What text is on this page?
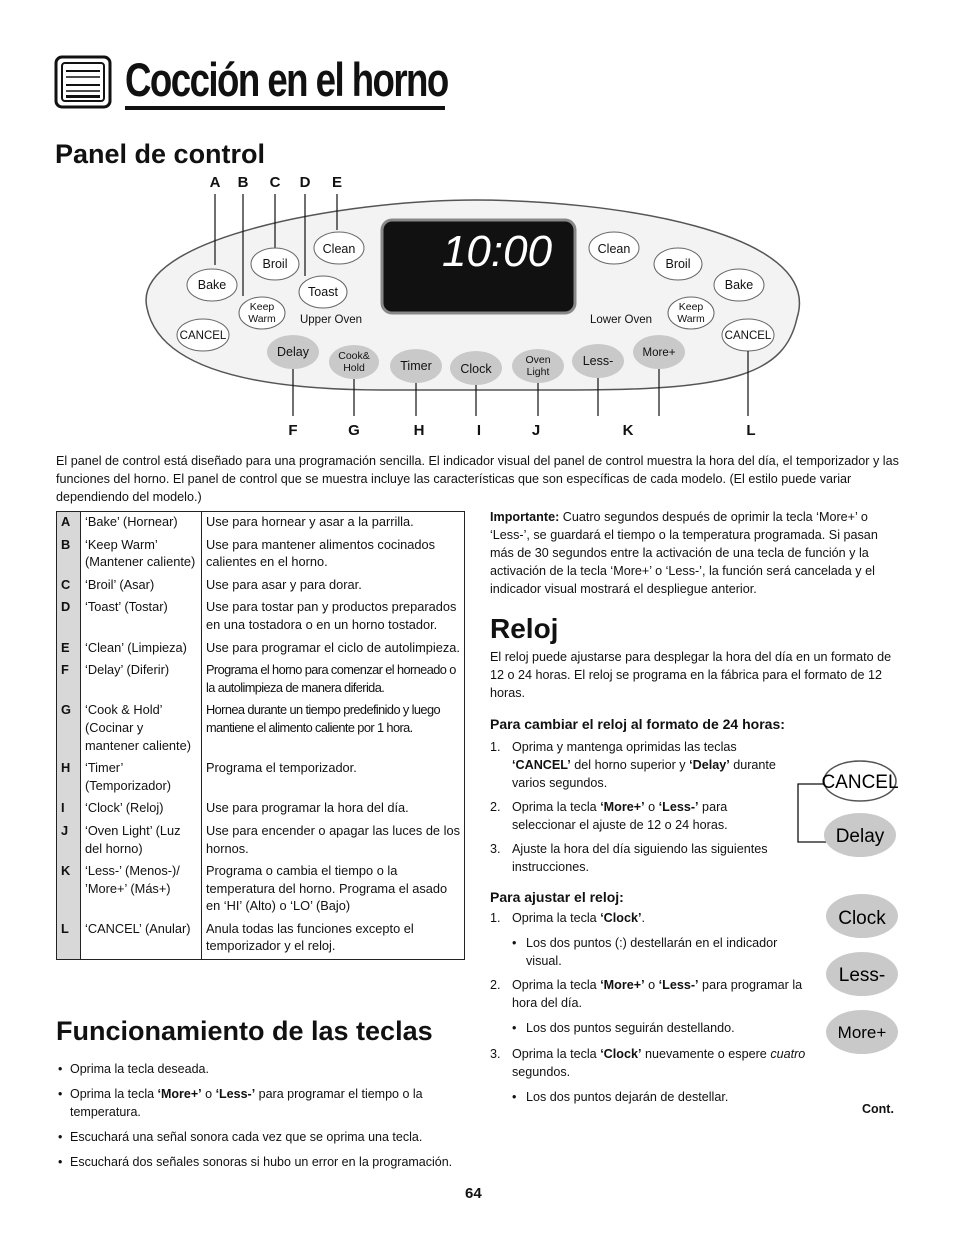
Cocción en el horno
Panel de control
A B C D E
10:00
Bake
Keep
Warm
Broil
Toast
Clean
CANCEL
Upper Oven
Clean
Broil
Bake
Keep
Warm
CANCEL
Lower Oven
Delay	Cook&
Hold	Timer Clock
Oven
Light
Less-
More+
F	G	H	I	J	K	L
El panel de control está diseñado para una programación sencilla. El indicador visual del panel de control muestra la hora del día, el temporizador y las funciones del horno. El panel de control que se muestra incluye las características que son específicas de cada modelo. (El estilo puede variar dependiendo del modelo.)
A	‘Bake’ (Hornear)	Use para hornear y asar a la parrilla.
B	‘Keep Warm’ (Mantener caliente)	Use para mantener alimentos cocinados calientes en el horno.
C	‘Broil’ (Asar)	Use para asar y para dorar.
D	‘Toast’ (Tostar)	Use para tostar pan y productos preparados en una tostadora o en un horno tostador.
E	‘Clean’ (Limpieza)	Use para programar el ciclo de autolimpieza.
F	‘Delay’ (Diferir)	Programa el horno para comenzar el horneado o la autolimpieza de manera diferida.
G	‘Cook & Hold’ (Cocinar y mantener caliente)	Hornea durante un tiempo predefinido y luego mantiene el alimento caliente por 1 hora.
H	‘Timer’ (Temporizador)	Programa el temporizador.
I	‘Clock’ (Reloj)	Use para programar la hora del día.
J	‘Oven Light’ (Luz del horno)	Use para encender o apagar las luces de los hornos.
K	‘Less-’ (Menos-)/ ’More+’ (Más+)	Programa o cambia el tiempo o la temperatura del horno. Programa el asado en ‘HI’ (Alto) o ‘LO’ (Bajo)
L	‘CANCEL’ (Anular)	Anula todas las funciones excepto el temporizador y el reloj.
Funcionamiento de las teclas
• Oprima la tecla deseada.
• Oprima la tecla ‘More+’ o ‘Less-’ para programar el tiempo o la temperatura.
• Escuchará una señal sonora cada vez que se oprima una tecla.
• Escuchará dos señales sonoras si hubo un error en la programación.
Importante: Cuatro segundos después de oprimir la tecla ‘More+’ o ‘Less-’, se guardará el tiempo o la temperatura programada. Si pasan más de 30 segundos entre la activación de una tecla de función y la activación de la tecla ‘More+’ o ‘Less-’, la función será cancelada y el indicador visual mostrará el despliegue anterior.
Reloj
El reloj puede ajustarse para desplegar la hora del día en un formato de 12 o 24 horas. El reloj se programa en la fábrica para el formato de 12 horas.
Para cambiar el reloj al formato de 24 horas:
1. Oprima y mantenga oprimidas las teclas ‘CANCEL’ del horno superior y ‘Delay’ durante varios segundos.
2. Oprima la tecla ‘More+’ o ‘Less-’ para seleccionar el ajuste de 12 o 24 horas.
3. Ajuste la hora del día siguiendo las siguientes instrucciones.
Para ajustar el reloj:
1. Oprima la tecla ‘Clock’.
• Los dos puntos (:) destellarán en el indicador visual.
2. Oprima la tecla ‘More+’ o ‘Less-’ para programar la hora del día.
• Los dos puntos seguirán destellando.
3. Oprima la tecla ‘Clock’ nuevamente o espere cuatro segundos.
• Los dos puntos dejarán de destellar.
CANCEL
Delay
Clock
Less-
More+
Cont.
64
